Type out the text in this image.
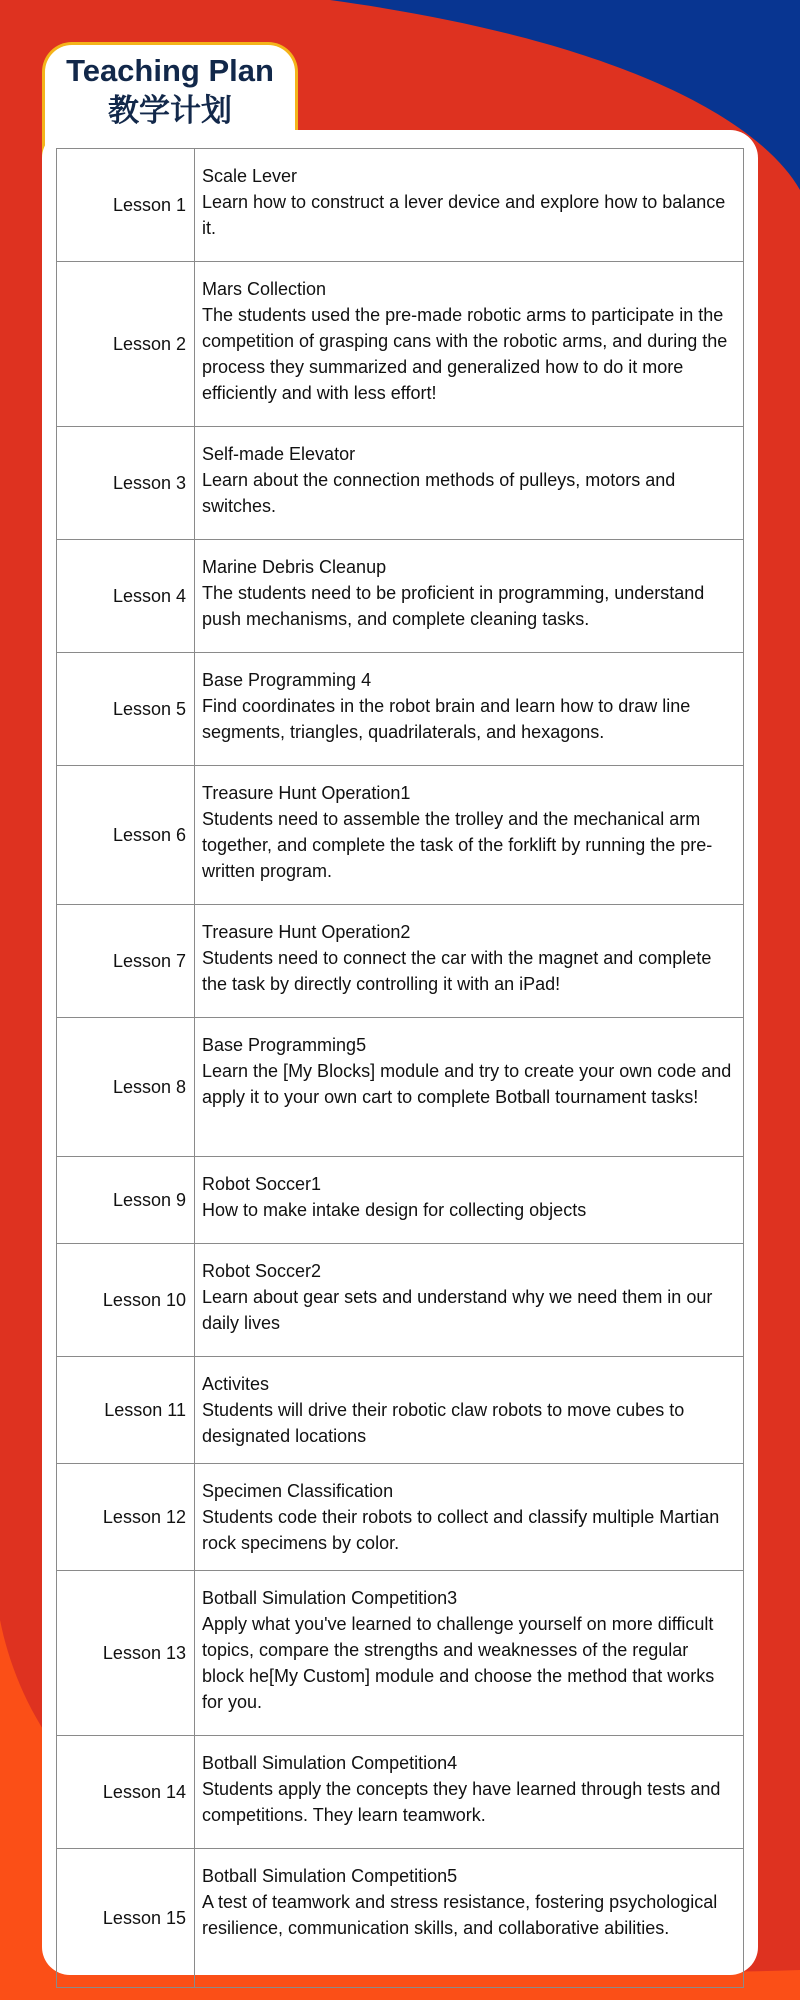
Teaching Plan
教学计划
Lesson 1	Scale Lever
Learn how to construct a lever device and explore how to balance it.

Lesson 2	Mars Collection
The students used the pre-made robotic arms to participate in the competition of grasping cans with the robotic arms, and during the process they summarized and generalized how to do it more efficiently and with less effort!

Lesson 3	Self-made Elevator
Learn about the connection methods of pulleys, motors and switches.

Lesson 4	Marine Debris Cleanup
The students need to be proficient in programming, understand push mechanisms, and complete cleaning tasks.

Lesson 5	Base Programming 4
Find coordinates in the robot brain and learn how to draw line segments, triangles, quadrilaterals, and hexagons.

Lesson 6	Treasure Hunt Operation1
Students need to assemble the trolley and the mechanical arm together, and complete the task of the forklift by running the pre-written program.

Lesson 7	Treasure Hunt Operation2
Students need to connect the car with the magnet and complete the task by directly controlling it with an iPad!

Lesson 8	Base Programming5
Learn the [My Blocks] module and try to create your own code and apply it to your own cart to complete Botball tournament tasks!

Lesson 9	Robot Soccer1
How to make intake design for collecting objects

Lesson 10	Robot Soccer2
Learn about gear sets and understand why we need them in our daily lives

Lesson 11	Activites
Students will drive their robotic claw robots to move cubes to designated locations

Lesson 12	Specimen Classification
Students code their robots to collect and classify multiple Martian rock specimens by color.

Lesson 13	Botball Simulation Competition3
Apply what you've learned to challenge yourself on more difficult topics, compare the strengths and weaknesses of the regular block he[My Custom] module and choose the method that works for you.

Lesson 14	Botball Simulation Competition4
Students apply the concepts they have learned through tests and competitions. They learn teamwork.

Lesson 15	Botball Simulation Competition5
A test of teamwork and stress resistance, fostering psychological resilience, communication skills, and collaborative abilities.
